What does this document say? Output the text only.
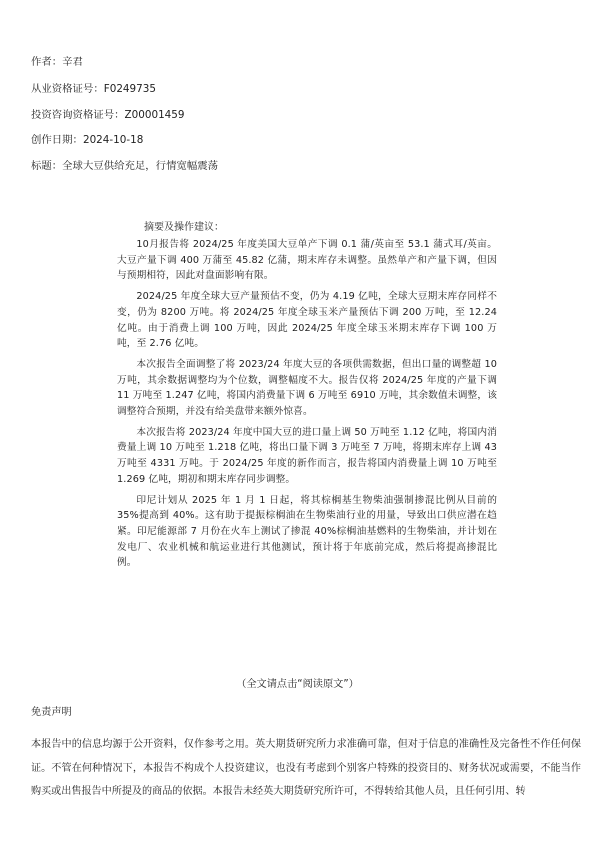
作者：辛君
从业资格证号：F0249735
投资咨询资格证号：Z00001459
创作日期：2024-10-18
标题：全球大豆供给充足，行情宽幅震荡
摘要及操作建议：

10月报告将 2024/25 年度美国大豆单产下调 0.1 蒲/英亩至 53.1 蒲式耳/英亩。大豆产量下调 400 万蒲至 45.82 亿蒲，期末库存未调整。虽然单产和产量下调，但因与预期相符，因此对盘面影响有限。

2024/25 年度全球大豆产量预估不变，仍为 4.19 亿吨，全球大豆期末库存同样不变，仍为 8200 万吨。将 2024/25 年度全球玉米产量预估下调 200 万吨，至 12.24 亿吨。由于消费上调 100 万吨，因此 2024/25 年度全球玉米期末库存下调 100 万吨，至 2.76 亿吨。

本次报告全面调整了将 2023/24 年度大豆的各项供需数据，但出口量的调整超 10 万吨，其余数据调整均为个位数，调整幅度不大。报告仅将 2024/25 年度的产量下调 11 万吨至 1.247 亿吨，将国内消费量下调 6 万吨至 6910 万吨，其余数值未调整，该调整符合预期，并没有给美盘带来额外惊喜。

本次报告将 2023/24 年度中国大豆的进口量上调 50 万吨至 1.12 亿吨，将国内消费量上调 10 万吨至 1.218 亿吨，将出口量下调 3 万吨至 7 万吨，将期末库存上调 43 万吨至 4331 万吨。于 2024/25 年度的新作而言，报告将国内消费量上调 10 万吨至 1.269 亿吨，期初和期末库存同步调整。

印尼计划从 2025 年 1 月 1 日起，将其棕榈基生物柴油强制掺混比例从目前的 35%提高到 40%。这有助于提振棕榈油在生物柴油行业的用量，导致出口供应潜在趋紧。印尼能源部 7 月份在火车上测试了掺混 40%棕榈油基燃料的生物柴油，并计划在发电厂、农业机械和航运业进行其他测试，预计将于年底前完成，然后将提高掺混比例。

（全文请点击“阅读原文”）
免责声明

本报告中的信息均源于公开资料，仅作参考之用。英大期货研究所力求准确可靠，但对于信息的准确性及完备性不作任何保证。不管在何种情况下，本报告不构成个人投资建议，也没有考虑到个别客户特殊的投资目的、财务状况或需要，不能当作购买或出售报告中所提及的商品的依据。本报告未经英大期货研究所许可，不得转给其他人员，且任何引用、转
